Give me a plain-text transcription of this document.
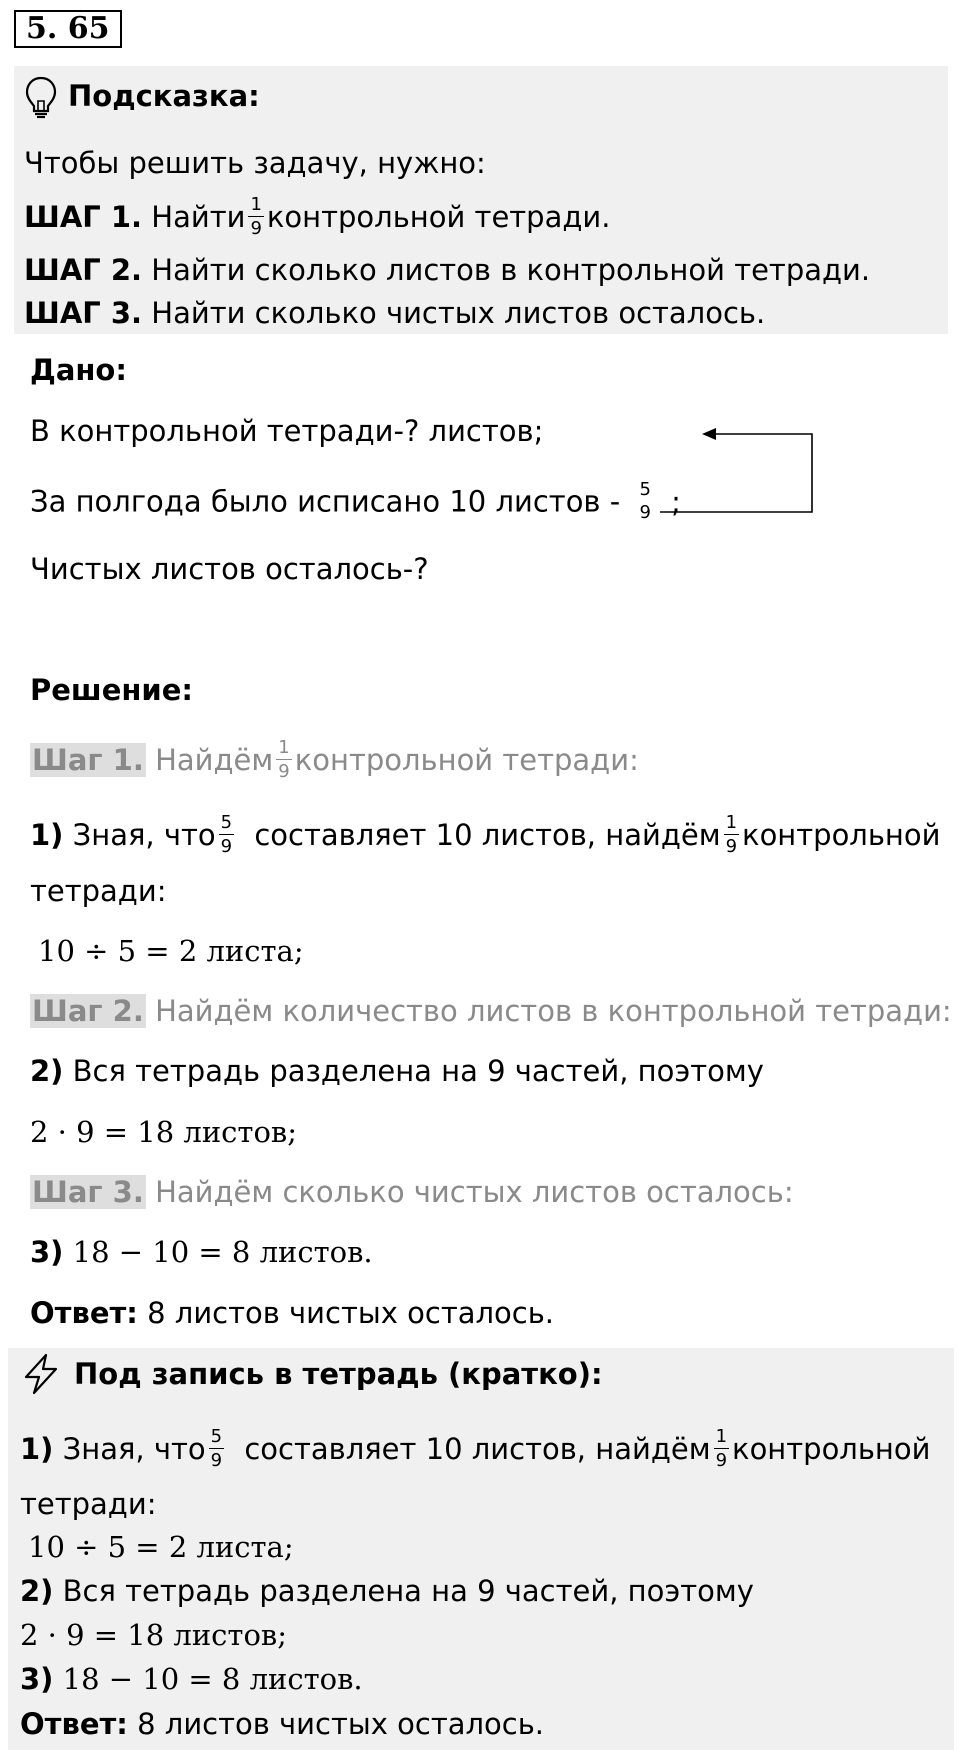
5. 65
Подсказка:
Чтобы решить задачу, нужно:
ШАГ 1. Найти $\frac{1}{9}$ контрольной тетради.
ШАГ 2. Найти сколько листов в контрольной тетради.
ШАГ 3. Найти сколько чистых листов осталось.
Дано:
В контрольной тетради-? листов;
За полгода было исписано 10 листов - 5
9 ;
Чистых листов осталось-?
Решение:
Шаг 1. Найдём $\frac{1}{9}$ контрольной тетради:
1) Зная, что $\frac{5}{9}$ составляет 10 листов, найдём $\frac{1}{9}$ контрольной
тетради:
10 ÷ 5 = 2 листа;
Шаг 2. Найдём количество листов в контрольной тетради:
2) Вся тетрадь разделена на 9 частей, поэтому
2 · 9 = 18 листов;
Шаг 3. Найдём сколько чистых листов осталось:
3) 18 − 10 = 8 листов.
Ответ: 8 листов чистых осталось.
Под запись в тетрадь (кратко):
1) Зная, что $\frac{5}{9}$ составляет 10 листов, найдём $\frac{1}{9}$ контрольной
тетради:
10 ÷ 5 = 2 листа;
2) Вся тетрадь разделена на 9 частей, поэтому
2 · 9 = 18 листов;
3) 18 − 10 = 8 листов.
Ответ: 8 листов чистых осталось.
